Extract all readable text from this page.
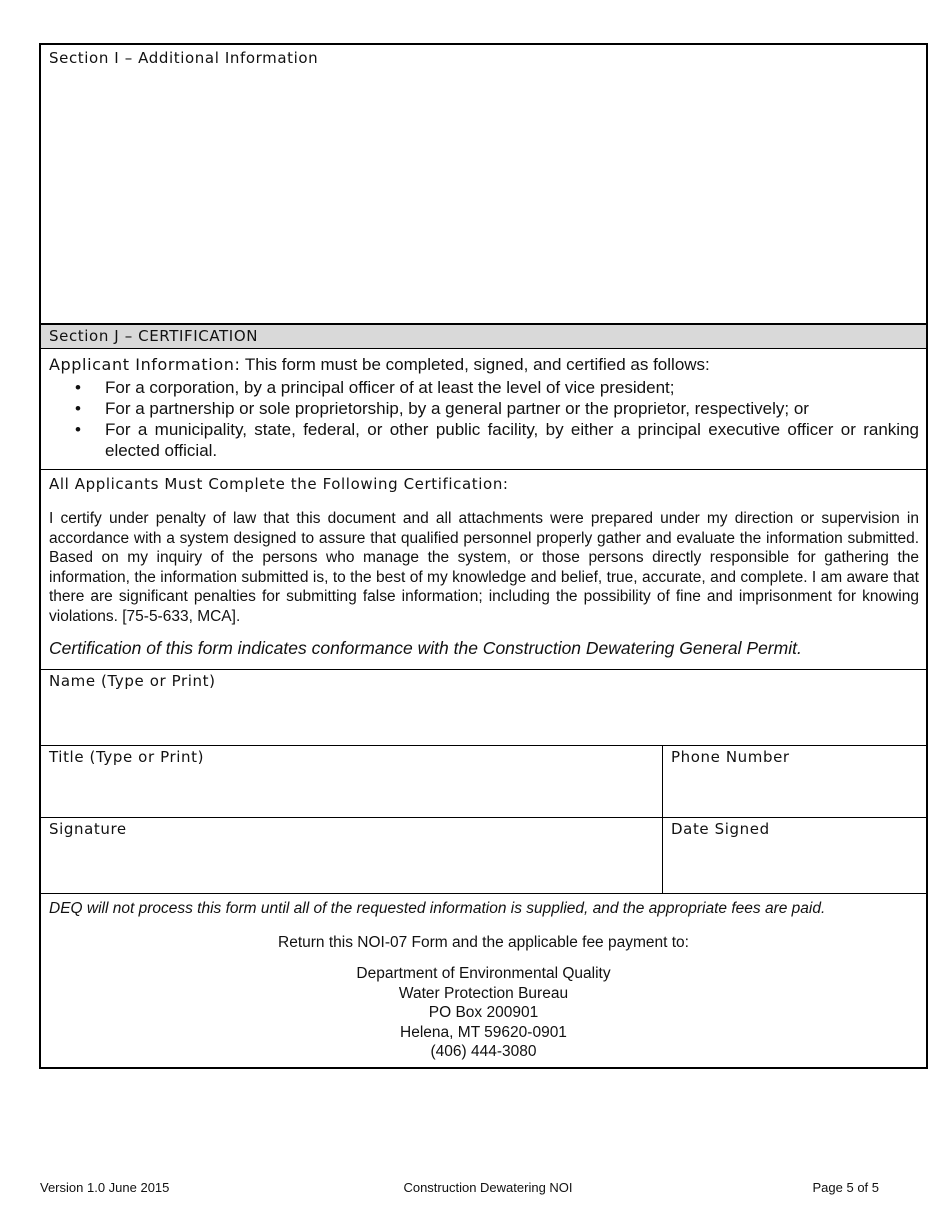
Section I – Additional Information
Section J – CERTIFICATION
Applicant Information: This form must be completed, signed, and certified as follows:
• For a corporation, by a principal officer of at least the level of vice president;
• For a partnership or sole proprietorship, by a general partner or the proprietor, respectively; or
• For a municipality, state, federal, or other public facility, by either a principal executive officer or ranking elected official.
All Applicants Must Complete the Following Certification:
I certify under penalty of law that this document and all attachments were prepared under my direction or supervision in accordance with a system designed to assure that qualified personnel properly gather and evaluate the information submitted. Based on my inquiry of the persons who manage the system, or those persons directly responsible for gathering the information, the information submitted is, to the best of my knowledge and belief, true, accurate, and complete. I am aware that there are significant penalties for submitting false information; including the possibility of fine and imprisonment for knowing violations. [75-5-633, MCA].
Certification of this form indicates conformance with the Construction Dewatering General Permit.
Name (Type or Print)
Title (Type or Print)	Phone Number
Signature	Date Signed
DEQ will not process this form until all of the requested information is supplied, and the appropriate fees are paid.
Return this NOI-07 Form and the applicable fee payment to:
Department of Environmental Quality
Water Protection Bureau
PO Box 200901
Helena, MT 59620-0901
(406) 444-3080
Version 1.0 June 2015	Construction Dewatering NOI	Page 5 of 5
